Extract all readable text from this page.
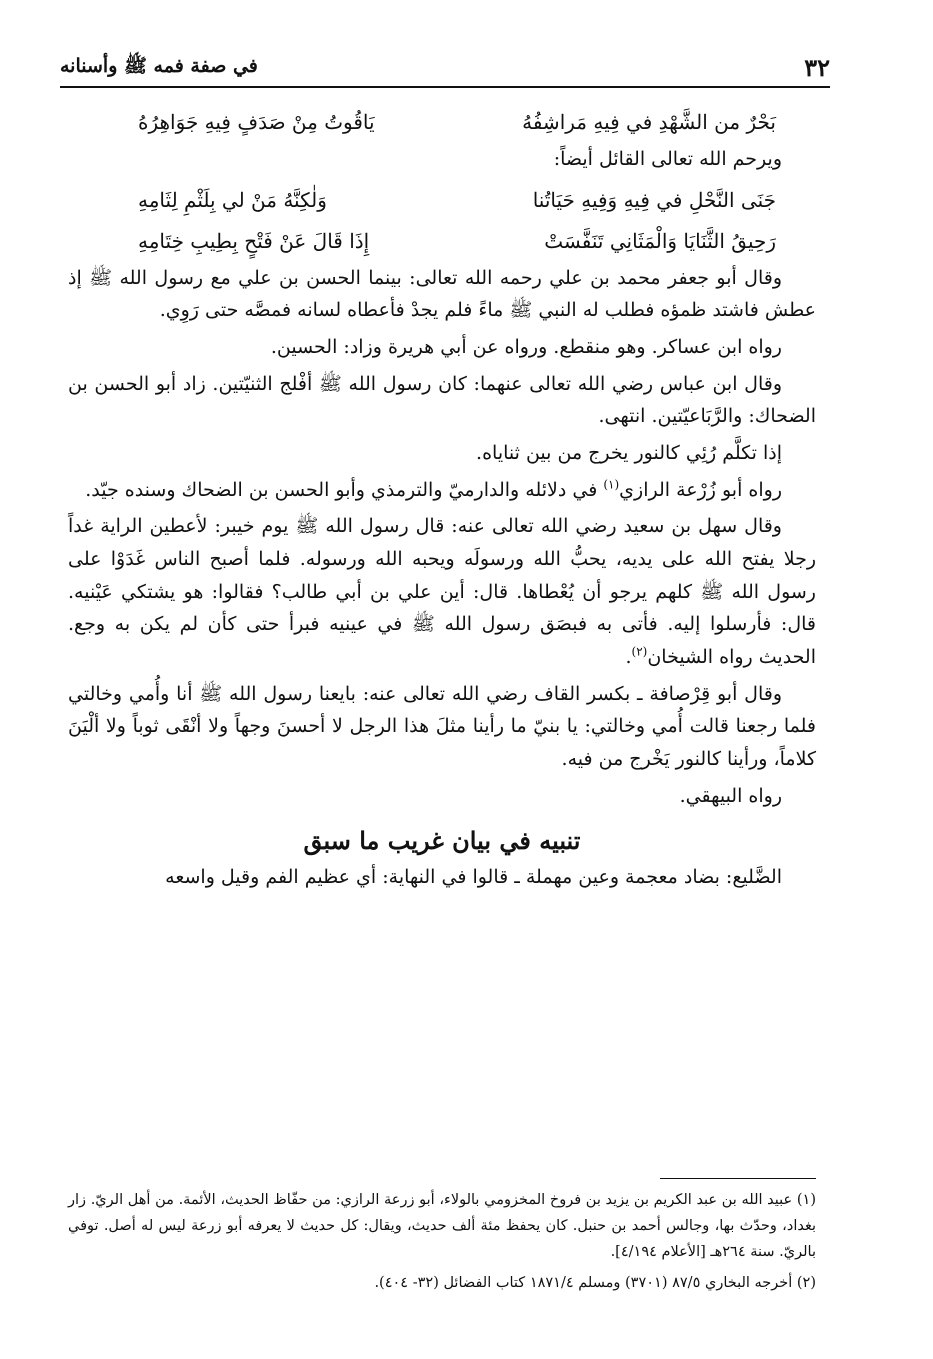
٣٢
في صفة فمه ﷺ وأسنانه
بَحْرٌ من الشَّهْدِ في فِيهِ مَراشِفُهُ
يَاقُوتُ مِنْ صَدَفٍ فِيهِ جَوَاهِرُهُ

ويرحم الله تعالى القائل أيضاً:

جَنَى النَّحْلِ في فِيهِ وَفِيهِ حَيَاتُنا
وَلٰكِنَّهُ مَنْ لي بِلَثْمِ لِثَامِهِ
رَحِيقُ الثَّنَايَا وَالْمَثَانِي تَنَفَّسَتْ
إِذَا قَالَ عَنْ فَتْحٍ بِطِيبِ خِتَامِهِ

وقال أبو جعفر محمد بن علي رحمه الله تعالى: بينما الحسن بن علي مع رسول الله ﷺ إذ عطش فاشتد ظمؤه فطلب له النبي ﷺ ماءً فلم يجدْ فأعطاه لسانه فمصَّه حتى رَوِي.

رواه ابن عساكر. وهو منقطع. ورواه عن أبي هريرة وزاد: الحسين.

وقال ابن عباس رضي الله تعالى عنهما: كان رسول الله ﷺ أفْلج الثنيّتين. زاد أبو الحسن بن الضحاك: والرَّبَاعيّتين. انتهى.

إذا تكلَّم رُئِي كالنور يخرج من بين ثناياه.

رواه أبو زُرْعة الرازي$^{(١)}$ في دلائله والدارميّ والترمذي وأبو الحسن بن الضحاك وسنده جيّد.

وقال سهل بن سعيد رضي الله تعالى عنه: قال رسول الله ﷺ يوم خيبر: لأعطين الراية غداً رجلا يفتح الله على يديه، يحبُّ الله ورسولَه ويحبه الله ورسوله. فلما أصبح الناس غَدَوْا على رسول الله ﷺ كلهم يرجو أن يُعْطاها. قال: أين علي بن أبي طالب؟ فقالوا: هو يشتكي عَيْنيه. قال: فأرسلوا إليه. فأتى به فبصَق رسول الله ﷺ في عينيه فبرأ حتى كأن لم يكن به وجع. الحديث رواه الشيخان$^{(٢)}$.

وقال أبو قِرْصافة ـ بكسر القاف رضي الله تعالى عنه: بايعنا رسول الله ﷺ أنا وأُمي وخالتي فلما رجعنا قالت أُمي وخالتي: يا بنيّ ما رأينا مثلَ هذا الرجل لا أحسنَ وجهاً ولا أنْقَى ثوباً ولا ألْيَنَ كلاماً، ورأينا كالنور يَخْرج من فيه.

رواه البيهقي.

تنبيه في بيان غريب ما سبق

الضَّليع: بضاد معجمة وعين مهملة ـ قالوا في النهاية: أي عظيم الفم وقيل واسعه

(١) عبيد الله بن عبد الكريم بن يزيد بن فروخ المخزومي بالولاء، أبو زرعة الرازي: من حفّاظ الحديث، الأئمة. من أهل الريّ. زار بغداد، وحدّث بها، وجالس أحمد بن حنبل. كان يحفظ مئة ألف حديث، ويقال: كل حديث لا يعرفه أبو زرعة ليس له أصل. توفي بالريّ. سنة ٢٦٤هـ [الأعلام ٤/١٩٤].

(٢) أخرجه البخاري ٨٧/٥ (٣٧٠١) ومسلم ١٨٧١/٤ كتاب الفضائل (٣٢- ٤٠٤).
